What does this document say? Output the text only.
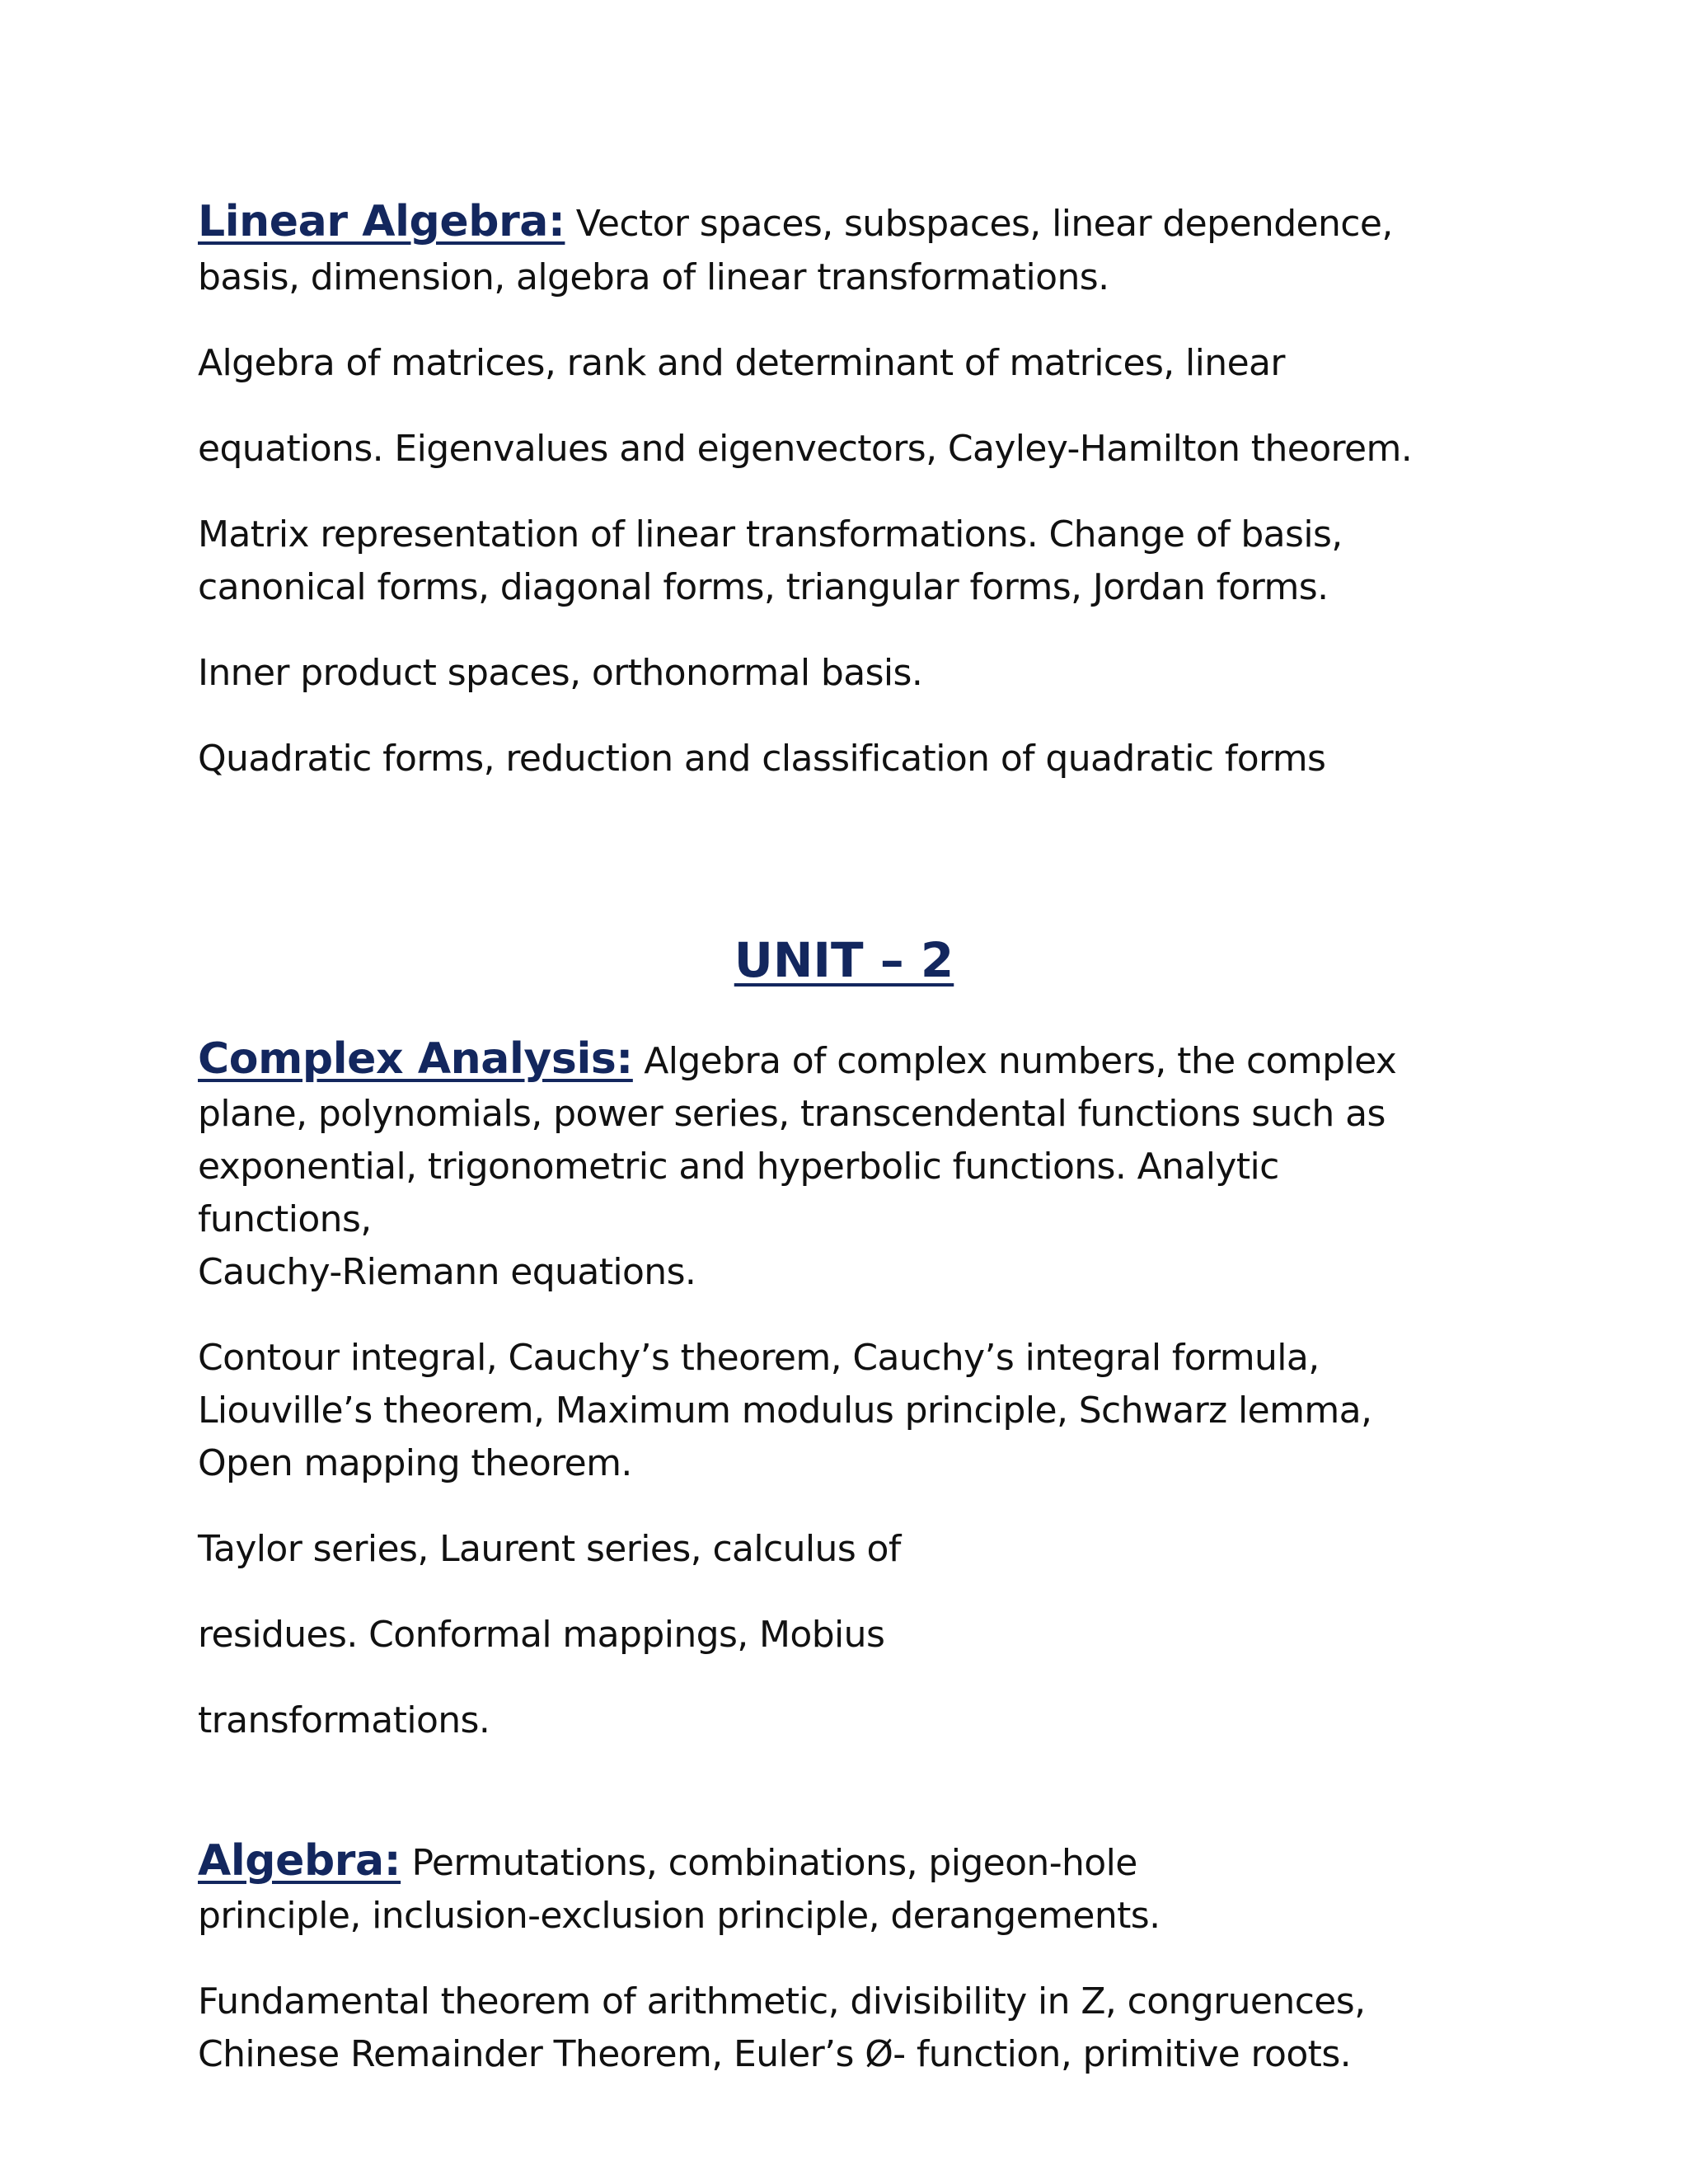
Linear Algebra: Vector spaces, subspaces, linear dependence,

basis, dimension, algebra of linear transformations.

Algebra of matrices, rank and determinant of matrices, linear

equations. Eigenvalues and eigenvectors, Cayley-Hamilton theorem.

Matrix representation of linear transformations. Change of basis,

canonical forms, diagonal forms, triangular forms, Jordan forms.

Inner product spaces, orthonormal basis.

Quadratic forms, reduction and classification of quadratic forms

UNIT – 2

Complex Analysis: Algebra of complex numbers, the complex

plane, polynomials, power series, transcendental functions such as

exponential, trigonometric and hyperbolic functions. Analytic

functions,

Cauchy-Riemann equations.

Contour integral, Cauchy’s theorem, Cauchy’s integral formula,

Liouville’s theorem, Maximum modulus principle, Schwarz lemma,

Open mapping theorem.

Taylor series, Laurent series, calculus of

residues. Conformal mappings, Mobius

transformations.

Algebra: Permutations, combinations, pigeon-hole

principle, inclusion-exclusion principle, derangements.

Fundamental theorem of arithmetic, divisibility in Z, congruences,

Chinese Remainder Theorem, Euler’s Ø- function, primitive roots.
